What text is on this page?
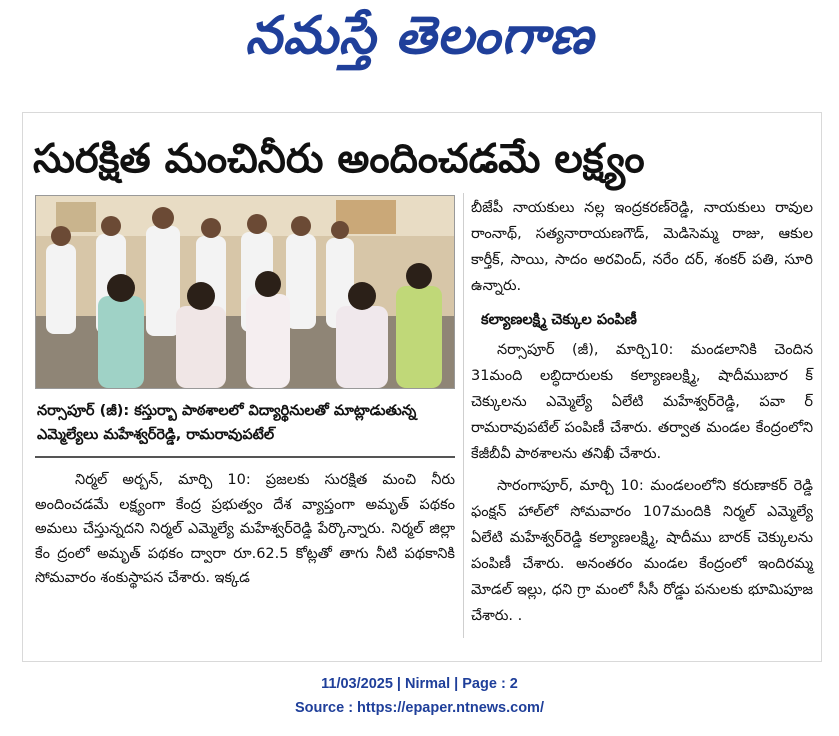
నమస్తే తెలంగాణ
సురక్షిత మంచినీరు అందించడమే లక్ష్యం
నర్సాపూర్ (జీ): కస్తుర్బా పాఠశాలలో విద్యార్థినులతో మాట్లాడుతున్న ఎమ్మెల్యేలు మహేశ్వర్‌రెడ్డి, రామరావుపటేల్
నిర్మల్ అర్బన్, మార్చి 10: ప్రజలకు సురక్షిత మంచి నీరు అందించడమే లక్ష్యంగా కేంద్ర ప్రభుత్వం దేశ వ్యాప్తంగా అమృత్ పథకం అమలు చేస్తున్నదని నిర్మల్ ఎమ్మెల్యే మహేశ్వర్‌రెడ్డి పేర్కొన్నారు. నిర్మల్ జిల్లా కేం ద్రంలో అమృత్ పథకం ద్వారా రూ.62.5 కోట్లతో తాగు నీటి పథకానికి సోమవారం శంకుస్థాపన చేశారు. ఇక్కడ

బీజేపీ నాయకులు నల్ల ఇంద్రకరణ్‌రెడ్డి, నాయకులు రావుల రాంనాథ్, సత్యనారాయణగౌడ్, మెడిసెమ్మ రాజు, ఆకుల కార్తీక్, సాయి, సాదం అరవింద్, నరేం దర్, శంకర్ పతి, సూరి ఉన్నారు.

కల్యాణలక్ష్మి చెక్కుల పంపిణీ

నర్సాపూర్ (జీ), మార్చి10: మండలానికి చెందిన 31మంది లబ్ధిదారులకు కల్యాణలక్ష్మి, షాదీముబార క్ చెక్కులను ఎమ్మెల్యే ఏలేటి మహేశ్వర్‌రెడ్డి, పవా ర్ రామరావుపటేల్ పంపిణీ చేశారు. తర్వాత మండల కేంద్రంలోని కేజీబీవీ పాఠశాలను తనిఖీ చేశారు.

సారంగాపూర్, మార్చి 10: మండలంలోని కరుణాకర్ రెడ్డి ఫంక్షన్ హాల్‌లో సోమవారం 107మందికి నిర్మల్ ఎమ్మెల్యే ఏలేటి మహేశ్వర్‌రెడ్డి కల్యాణలక్ష్మి, షాదీము బారక్ చెక్కులను పంపిణీ చేశారు. అనంతరం మండల కేంద్రంలో ఇందిరమ్మ మోడల్ ఇల్లు, ధని గ్రా మంలో సీసీ రోడ్డు పనులకు భూమిపూజ చేశారు. .

11/03/2025 | Nirmal | Page : 2
Source : https://epaper.ntnews.com/
